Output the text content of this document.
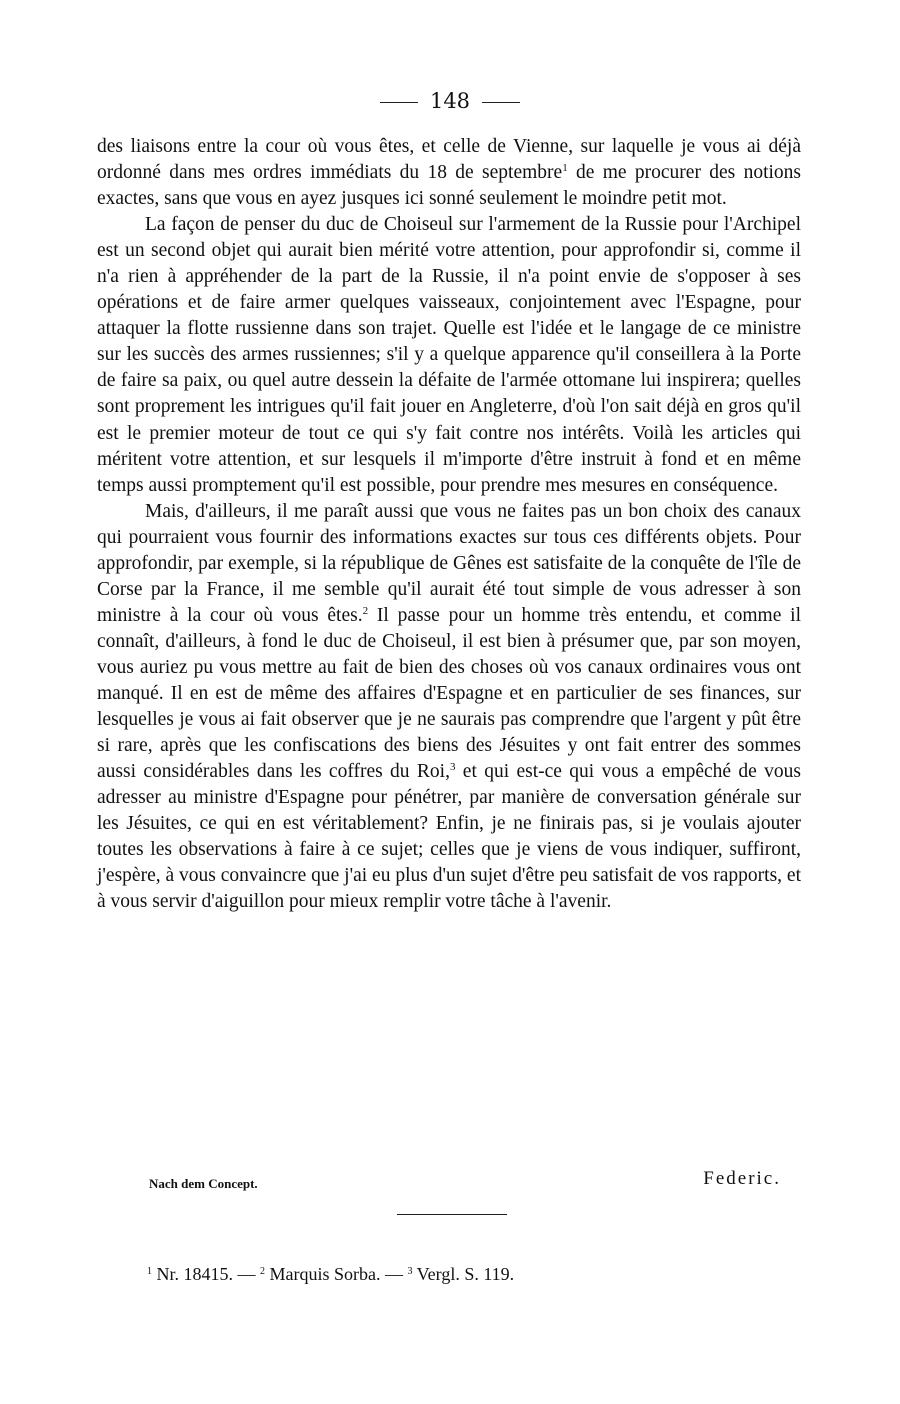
148

des liaisons entre la cour où vous êtes, et celle de Vienne, sur laquelle je vous ai déjà ordonné dans mes ordres immédiats du 18 de septembre$^1$ de me procurer des notions exactes, sans que vous en ayez jusques ici sonné seulement le moindre petit mot.

La façon de penser du duc de Choiseul sur l'armement de la Russie pour l'Archipel est un second objet qui aurait bien mérité votre attention, pour approfondir si, comme il n'a rien à appréhender de la part de la Russie, il n'a point envie de s'opposer à ses opérations et de faire armer quelques vaisseaux, conjointement avec l'Espagne, pour attaquer la flotte russienne dans son trajet. Quelle est l'idée et le langage de ce ministre sur les succès des armes russiennes; s'il y a quelque apparence qu'il conseillera à la Porte de faire sa paix, ou quel autre dessein la défaite de l'armée ottomane lui inspirera; quelles sont proprement les intrigues qu'il fait jouer en Angleterre, d'où l'on sait déjà en gros qu'il est le premier moteur de tout ce qui s'y fait contre nos intérêts. Voilà les articles qui méritent votre attention, et sur lesquels il m'importe d'être instruit à fond et en même temps aussi promptement qu'il est possible, pour prendre mes mesures en conséquence.

Mais, d'ailleurs, il me paraît aussi que vous ne faites pas un bon choix des canaux qui pourraient vous fournir des informations exactes sur tous ces différents objets. Pour approfondir, par exemple, si la république de Gênes est satisfaite de la conquête de l'île de Corse par la France, il me semble qu'il aurait été tout simple de vous adresser à son ministre à la cour où vous êtes.$^2$ Il passe pour un homme très entendu, et comme il connaît, d'ailleurs, à fond le duc de Choiseul, il est bien à présumer que, par son moyen, vous auriez pu vous mettre au fait de bien des choses où vos canaux ordinaires vous ont manqué. Il en est de même des affaires d'Espagne et en particulier de ses finances, sur lesquelles je vous ai fait observer que je ne saurais pas comprendre que l'argent y pût être si rare, après que les confiscations des biens des Jésuites y ont fait entrer des sommes aussi considérables dans les coffres du Roi,$^3$ et qui est-ce qui vous a empêché de vous adresser au ministre d'Espagne pour pénétrer, par manière de conversation générale sur les Jésuites, ce qui en est véritablement? Enfin, je ne finirais pas, si je voulais ajouter toutes les observations à faire à ce sujet; celles que je viens de vous indiquer, suffiront, j'espère, à vous convaincre que j'ai eu plus d'un sujet d'être peu satisfait de vos rapports, et à vous servir d'aiguillon pour mieux remplir votre tâche à l'avenir.

Nach dem Concept.	Federic.
$^1$ Nr. 18415. — $^2$ Marquis Sorba. — $^3$ Vergl. S. 119.
